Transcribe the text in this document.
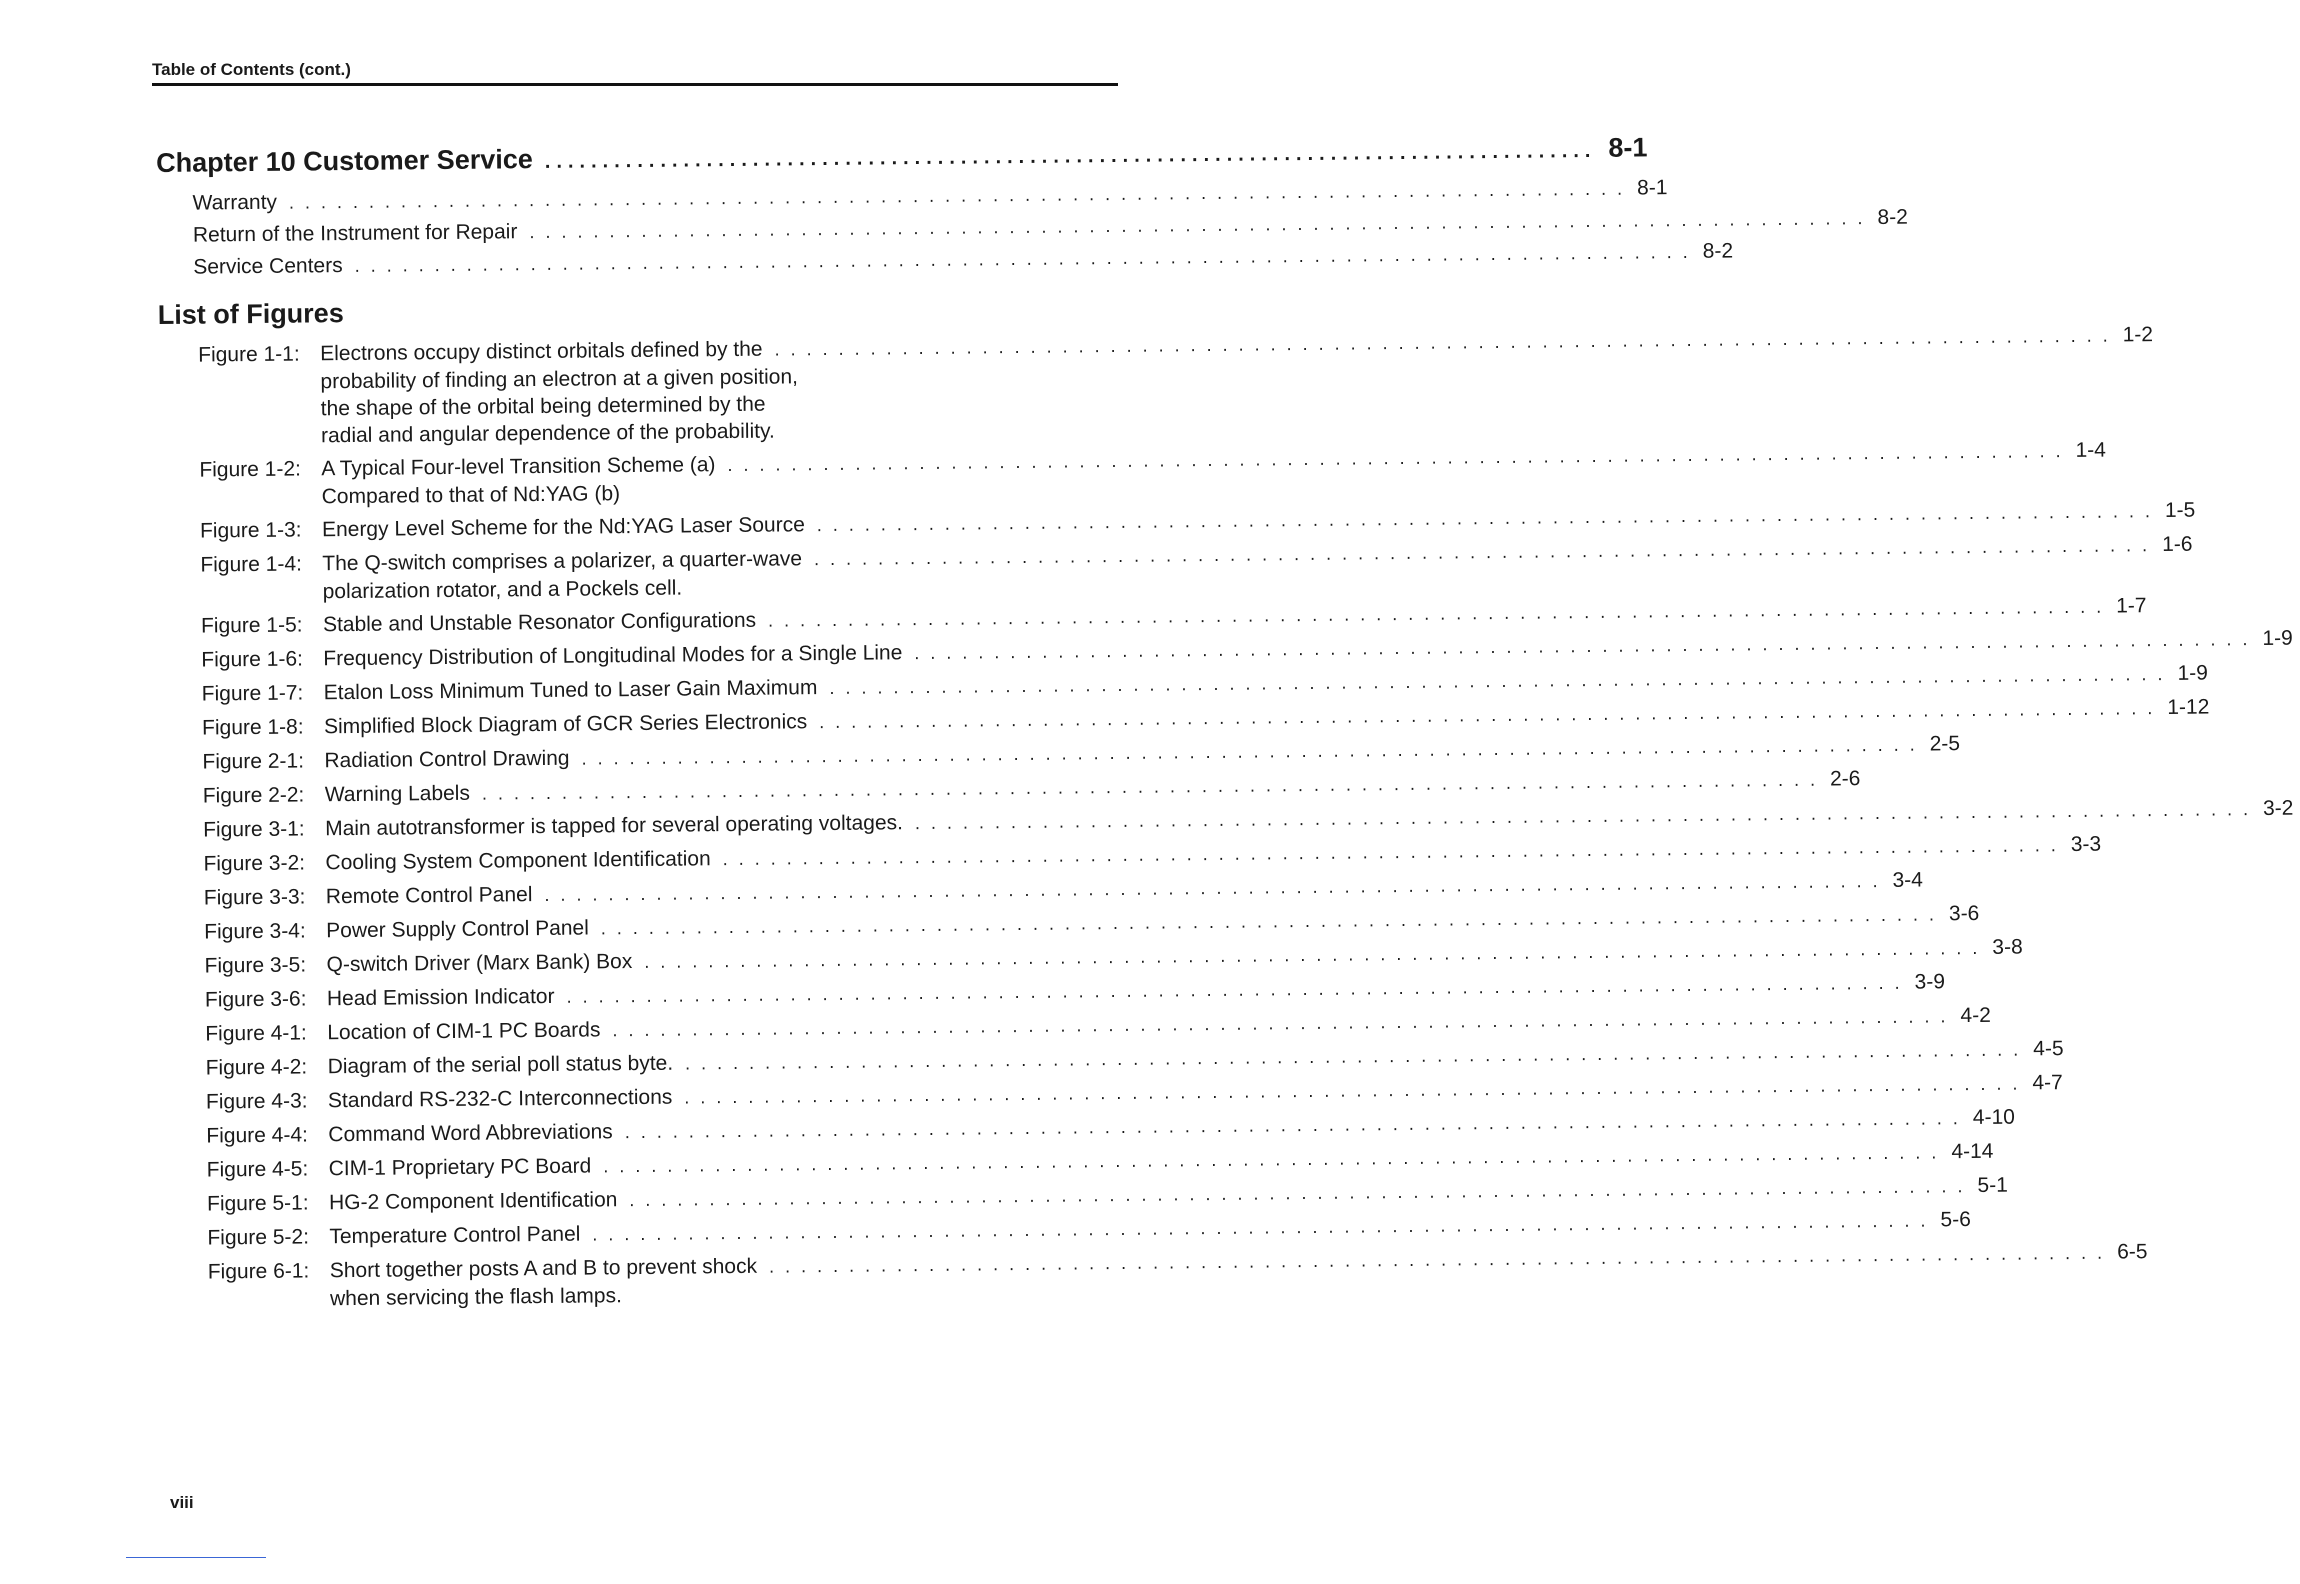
Table of Contents (cont.)
Chapter 10 Customer Service ........................................................................................... 8-1
Warranty . . . . . . . . . . . . . . . . . . . . . . . . . . . . . . . . . . . . . . . . . . . . . . . . . . . . . . . . . . . . . . . . . . . . . . . . . . . . . . . . . . . . 8-1
Return of the Instrument for Repair . . . . . . . . . . . . . . . . . . . . . . . . . . . . . . . . . . . . . . . . . . . . . . . . . . . . . . . . . . . . . . . . . . . . . . . . . . . . . . . . . . . . 8-2
Service Centers . . . . . . . . . . . . . . . . . . . . . . . . . . . . . . . . . . . . . . . . . . . . . . . . . . . . . . . . . . . . . . . . . . . . . . . . . . . . . . . . . . . . 8-2
List of Figures
Figure 1-1: Electrons occupy distinct orbitals defined by the . . . . . . . . . . . . . . . . . . . . . . . . . . . . . . . . . . . . . . . . . . . . . . . . . . . . . . . . . . . . . . . . . . . . . . . . . . . . . . . . . . . . 1-2
probability of finding an electron at a given position,
the shape of the orbital being determined by the
radial and angular dependence of the probability.
Figure 1-2: A Typical Four-level Transition Scheme (a) . . . . . . . . . . . . . . . . . . . . . . . . . . . . . . . . . . . . . . . . . . . . . . . . . . . . . . . . . . . . . . . . . . . . . . . . . . . . . . . . . . . . 1-4
Compared to that of Nd:YAG (b)
Figure 1-3: Energy Level Scheme for the Nd:YAG Laser Source . . . . . . . . . . . . . . . . . . . . . . . . . . . . . . . . . . . . . . . . . . . . . . . . . . . . . . . . . . . . . . . . . . . . . . . . . . . . . . . . . . . . 1-5
Figure 1-4: The Q-switch comprises a polarizer, a quarter-wave . . . . . . . . . . . . . . . . . . . . . . . . . . . . . . . . . . . . . . . . . . . . . . . . . . . . . . . . . . . . . . . . . . . . . . . . . . . . . . . . . . . . 1-6
polarization rotator, and a Pockels cell.
Figure 1-5: Stable and Unstable Resonator Configurations . . . . . . . . . . . . . . . . . . . . . . . . . . . . . . . . . . . . . . . . . . . . . . . . . . . . . . . . . . . . . . . . . . . . . . . . . . . . . . . . . . . . 1-7
Figure 1-6: Frequency Distribution of Longitudinal Modes for a Single Line . . . . . . . . . . . . . . . . . . . . . . . . . . . . . . . . . . . . . . . . . . . . . . . . . . . . . . . . . . . . . . . . . . . . . . . . . . . . . . . . . . . . 1-9
Figure 1-7: Etalon Loss Minimum Tuned to Laser Gain Maximum . . . . . . . . . . . . . . . . . . . . . . . . . . . . . . . . . . . . . . . . . . . . . . . . . . . . . . . . . . . . . . . . . . . . . . . . . . . . . . . . . . . . 1-9
Figure 1-8: Simplified Block Diagram of GCR Series Electronics . . . . . . . . . . . . . . . . . . . . . . . . . . . . . . . . . . . . . . . . . . . . . . . . . . . . . . . . . . . . . . . . . . . . . . . . . . . . . . . . . . . . 1-12
Figure 2-1: Radiation Control Drawing . . . . . . . . . . . . . . . . . . . . . . . . . . . . . . . . . . . . . . . . . . . . . . . . . . . . . . . . . . . . . . . . . . . . . . . . . . . . . . . . . . . . 2-5
Figure 2-2: Warning Labels . . . . . . . . . . . . . . . . . . . . . . . . . . . . . . . . . . . . . . . . . . . . . . . . . . . . . . . . . . . . . . . . . . . . . . . . . . . . . . . . . . . . 2-6
Figure 3-1: Main autotransformer is tapped for several operating voltages. . . . . . . . . . . . . . . . . . . . . . . . . . . . . . . . . . . . . . . . . . . . . . . . . . . . . . . . . . . . . . . . . . . . . . . . . . . . . . . . . . . . . 3-2
Figure 3-2: Cooling System Component Identification . . . . . . . . . . . . . . . . . . . . . . . . . . . . . . . . . . . . . . . . . . . . . . . . . . . . . . . . . . . . . . . . . . . . . . . . . . . . . . . . . . . . 3-3
Figure 3-3: Remote Control Panel . . . . . . . . . . . . . . . . . . . . . . . . . . . . . . . . . . . . . . . . . . . . . . . . . . . . . . . . . . . . . . . . . . . . . . . . . . . . . . . . . . . . 3-4
Figure 3-4: Power Supply Control Panel . . . . . . . . . . . . . . . . . . . . . . . . . . . . . . . . . . . . . . . . . . . . . . . . . . . . . . . . . . . . . . . . . . . . . . . . . . . . . . . . . . . . 3-6
Figure 3-5: Q-switch Driver (Marx Bank) Box . . . . . . . . . . . . . . . . . . . . . . . . . . . . . . . . . . . . . . . . . . . . . . . . . . . . . . . . . . . . . . . . . . . . . . . . . . . . . . . . . . . . 3-8
Figure 3-6: Head Emission Indicator . . . . . . . . . . . . . . . . . . . . . . . . . . . . . . . . . . . . . . . . . . . . . . . . . . . . . . . . . . . . . . . . . . . . . . . . . . . . . . . . . . . . 3-9
Figure 4-1: Location of CIM-1 PC Boards . . . . . . . . . . . . . . . . . . . . . . . . . . . . . . . . . . . . . . . . . . . . . . . . . . . . . . . . . . . . . . . . . . . . . . . . . . . . . . . . . . . . 4-2
Figure 4-2: Diagram of the serial poll status byte. . . . . . . . . . . . . . . . . . . . . . . . . . . . . . . . . . . . . . . . . . . . . . . . . . . . . . . . . . . . . . . . . . . . . . . . . . . . . . . . . . . . . 4-5
Figure 4-3: Standard RS-232-C Interconnections . . . . . . . . . . . . . . . . . . . . . . . . . . . . . . . . . . . . . . . . . . . . . . . . . . . . . . . . . . . . . . . . . . . . . . . . . . . . . . . . . . . . 4-7
Figure 4-4: Command Word Abbreviations . . . . . . . . . . . . . . . . . . . . . . . . . . . . . . . . . . . . . . . . . . . . . . . . . . . . . . . . . . . . . . . . . . . . . . . . . . . . . . . . . . . . 4-10
Figure 4-5: CIM-1 Proprietary PC Board . . . . . . . . . . . . . . . . . . . . . . . . . . . . . . . . . . . . . . . . . . . . . . . . . . . . . . . . . . . . . . . . . . . . . . . . . . . . . . . . . . . . 4-14
Figure 5-1: HG-2 Component Identification . . . . . . . . . . . . . . . . . . . . . . . . . . . . . . . . . . . . . . . . . . . . . . . . . . . . . . . . . . . . . . . . . . . . . . . . . . . . . . . . . . . . 5-1
Figure 5-2: Temperature Control Panel . . . . . . . . . . . . . . . . . . . . . . . . . . . . . . . . . . . . . . . . . . . . . . . . . . . . . . . . . . . . . . . . . . . . . . . . . . . . . . . . . . . . 5-6
Figure 6-1: Short together posts A and B to prevent shock . . . . . . . . . . . . . . . . . . . . . . . . . . . . . . . . . . . . . . . . . . . . . . . . . . . . . . . . . . . . . . . . . . . . . . . . . . . . . . . . . . . . 6-5
when servicing the flash lamps.
viii
